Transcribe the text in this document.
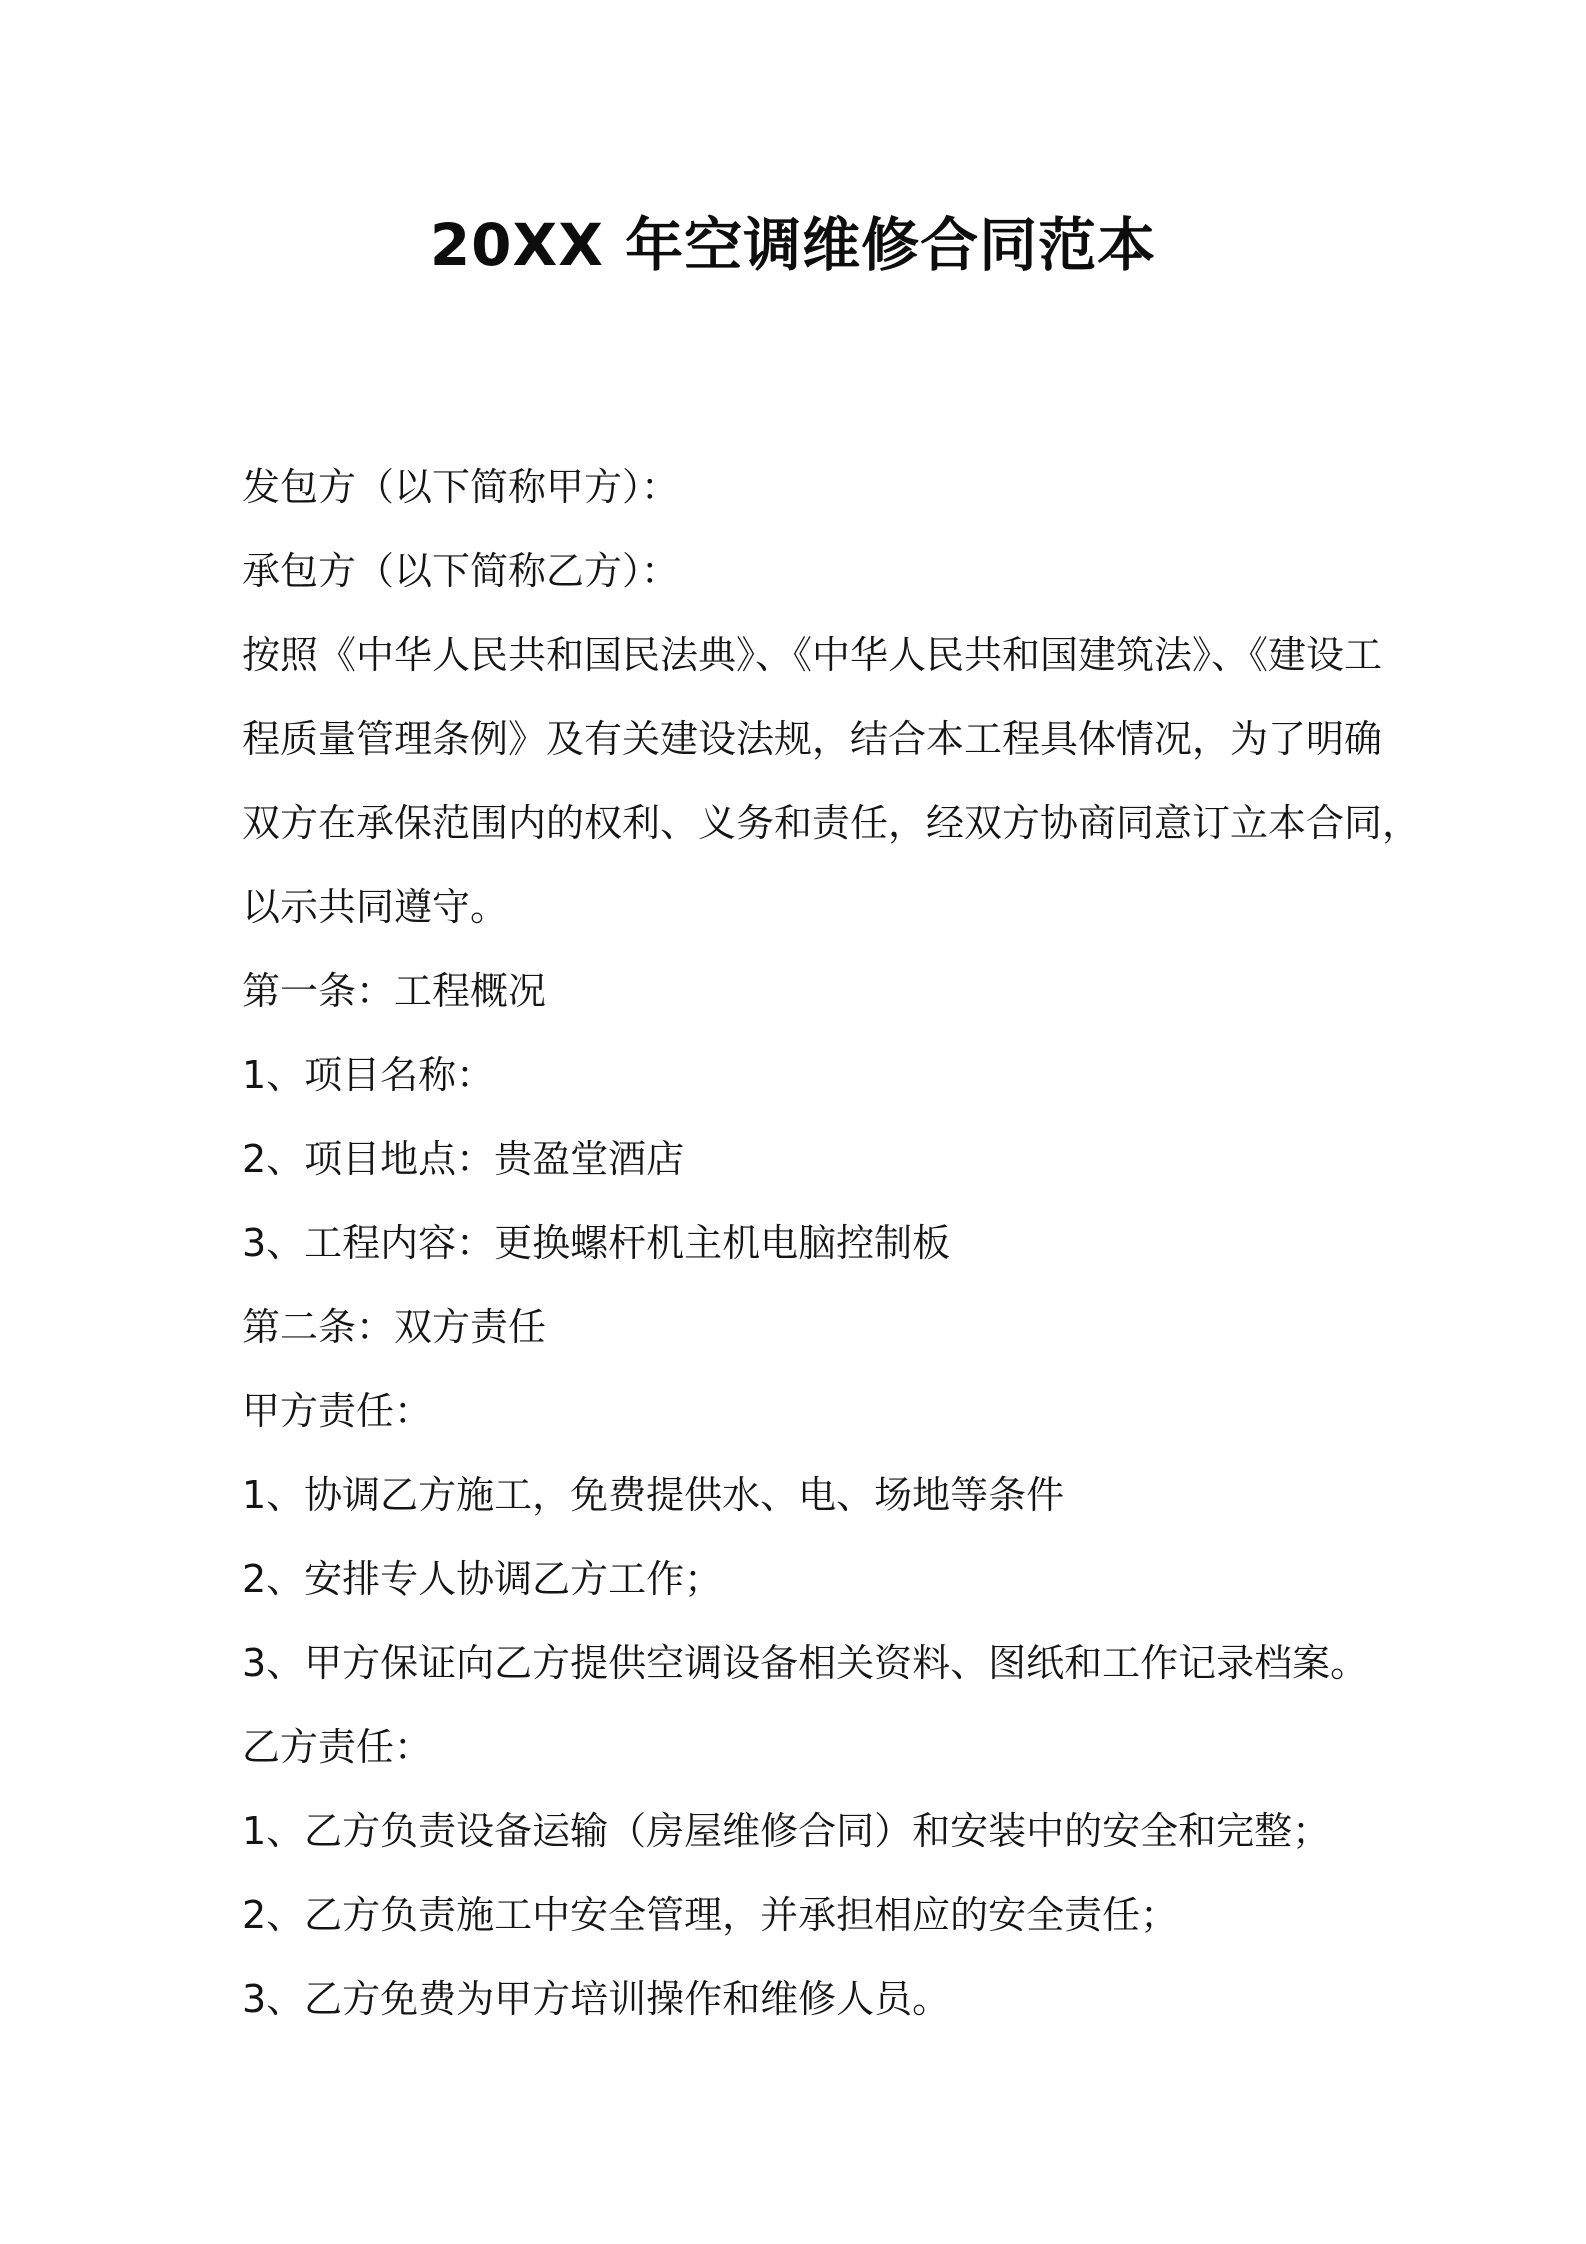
20XX 年空调维修合同范本
发包方（以下简称甲方）：
承包方（以下简称乙方）：
按照《中华人民共和国民法典》、《中华人民共和国建筑法》、《建设工
程质量管理条例》及有关建设法规，结合本工程具体情况，为了明确
双方在承保范围内的权利、义务和责任，经双方协商同意订立本合同，
以示共同遵守。
第一条：工程概况
1、项目名称：
2、项目地点：贵盈堂酒店
3、工程内容：更换螺杆机主机电脑控制板
第二条：双方责任
甲方责任：
1、协调乙方施工，免费提供水、电、场地等条件
2、安排专人协调乙方工作；
3、甲方保证向乙方提供空调设备相关资料、图纸和工作记录档案。
乙方责任：
1、乙方负责设备运输（房屋维修合同）和安装中的安全和完整；
2、乙方负责施工中安全管理，并承担相应的安全责任；
3、乙方免费为甲方培训操作和维修人员。
